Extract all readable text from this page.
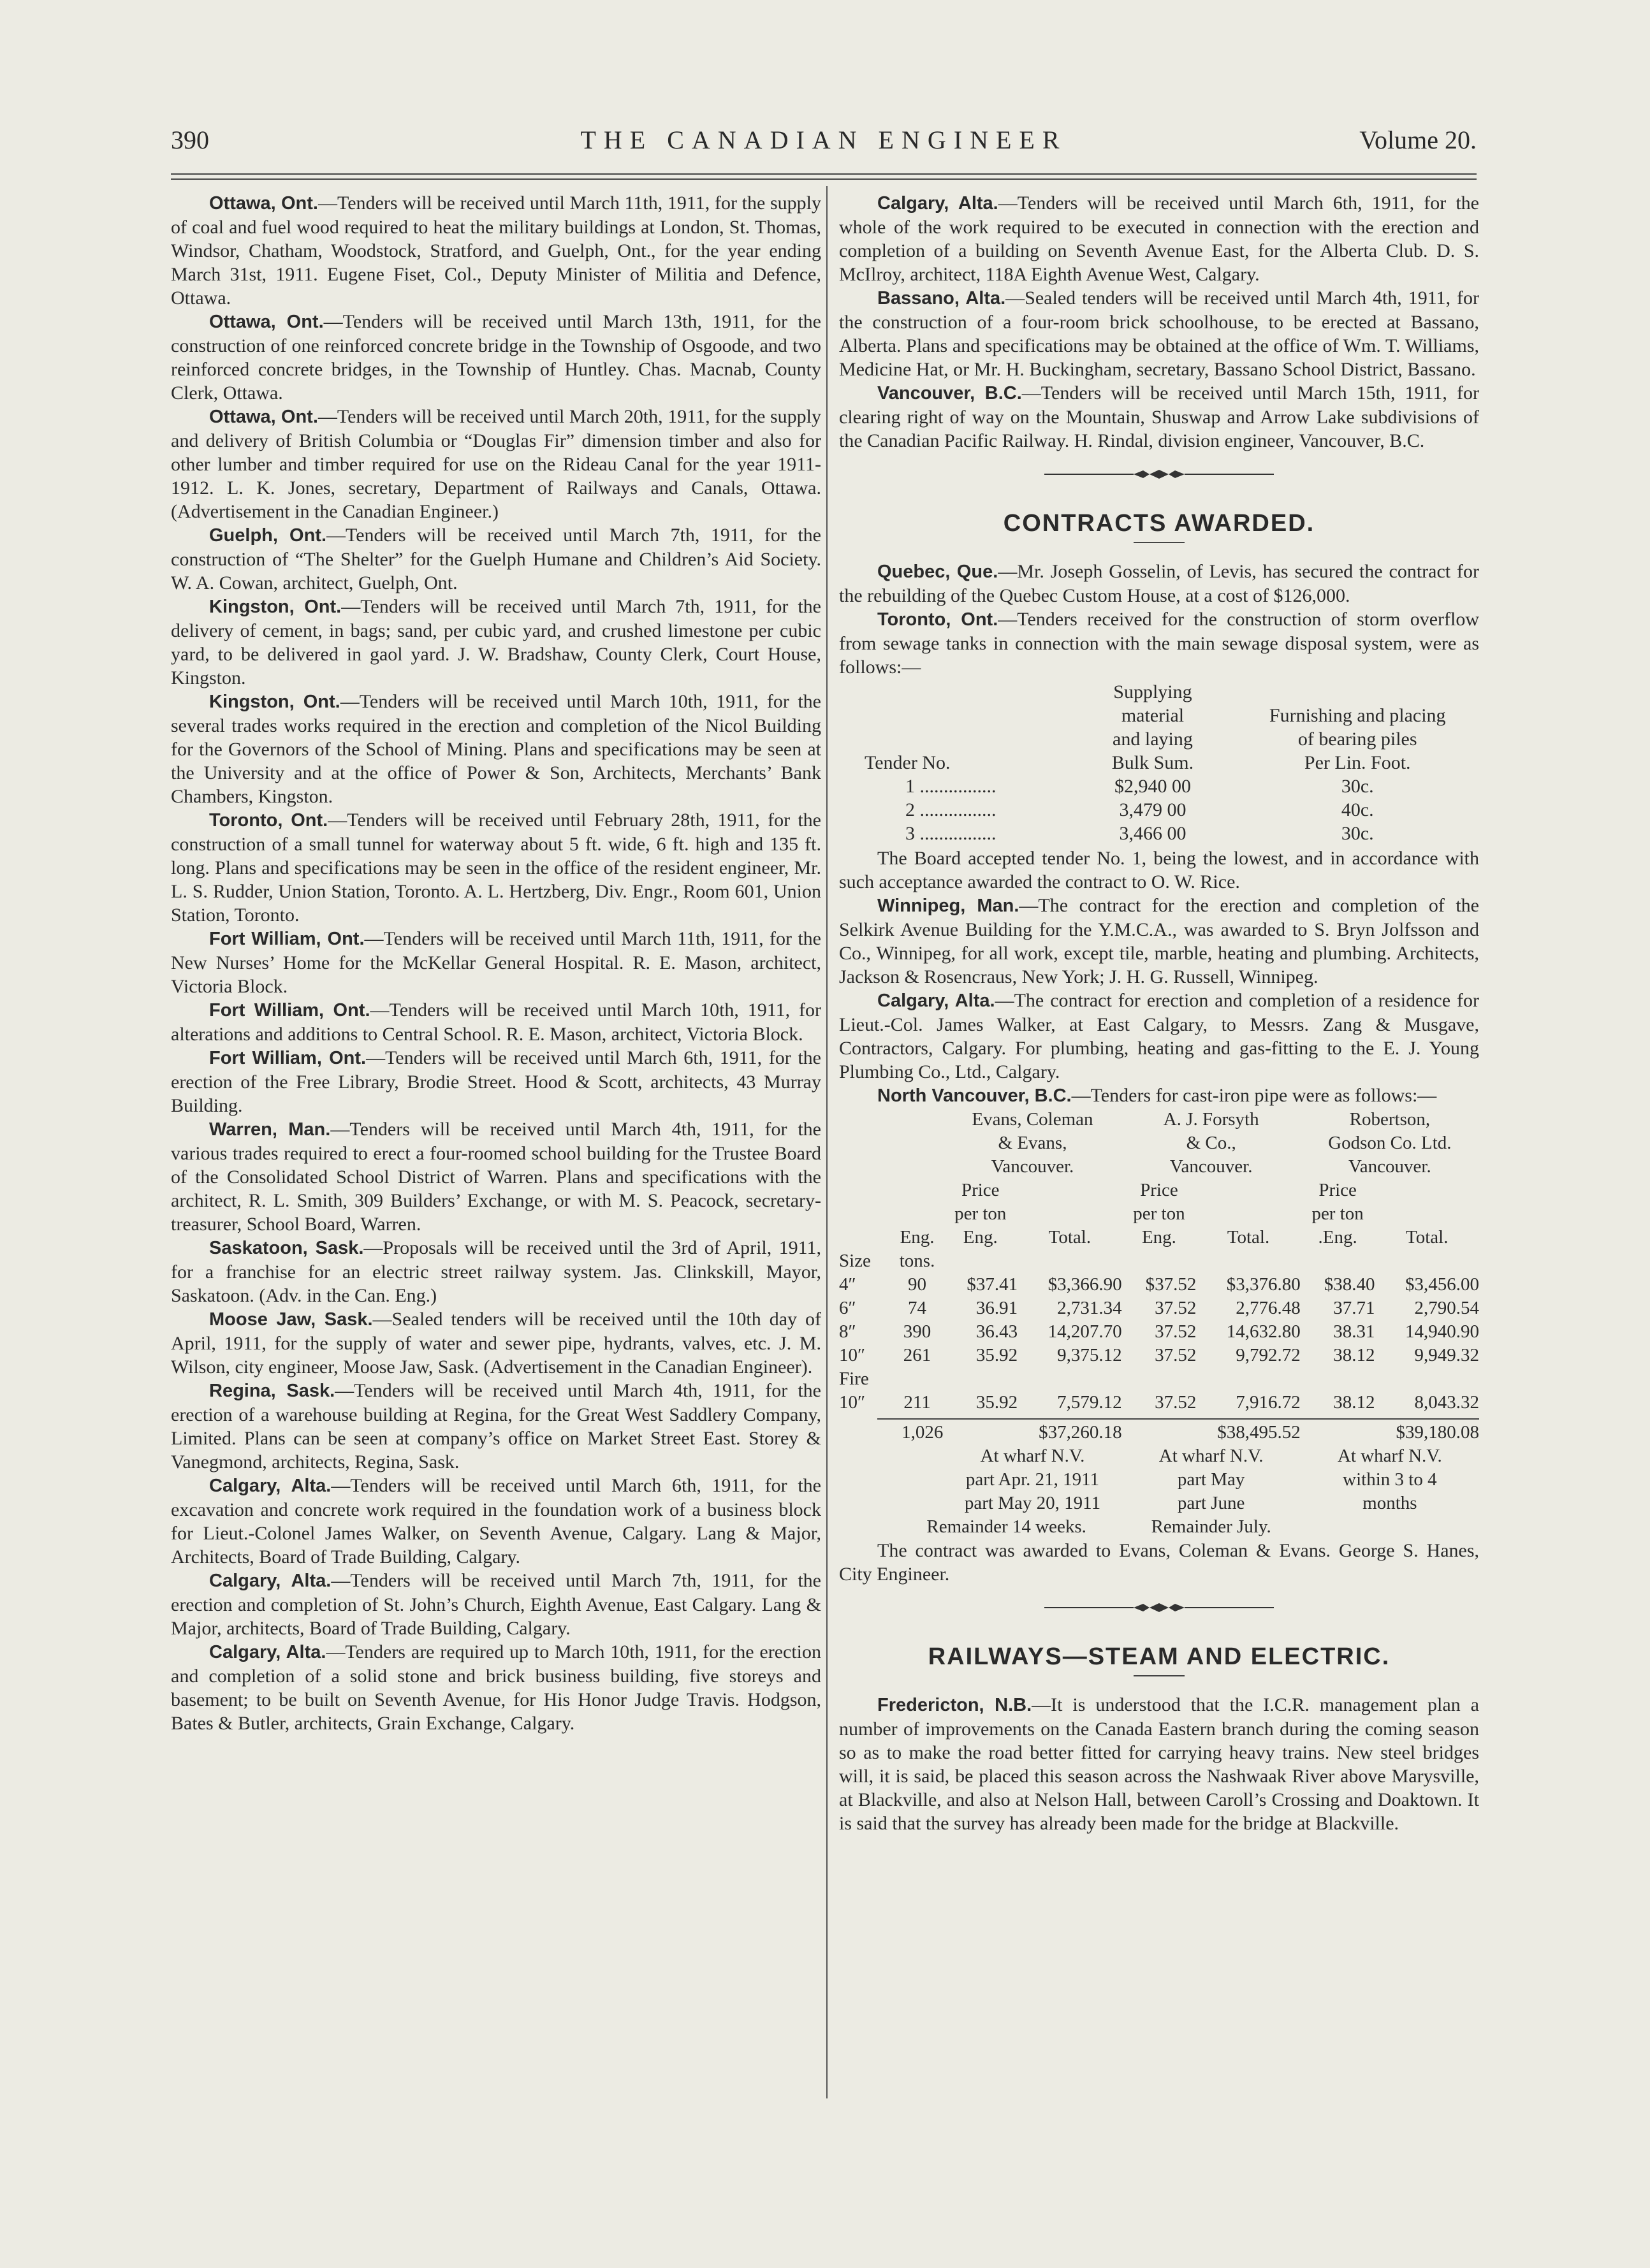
390	THE CANADIAN ENGINEER	Volume 20.

Ottawa, Ont.—Tenders will be received until March 11th, 1911, for the supply of coal and fuel wood required to heat the military buildings at London, St. Thomas, Windsor, Chatham, Woodstock, Stratford, and Guelph, Ont., for the year ending March 31st, 1911. Eugene Fiset, Col., Deputy Minister of Militia and Defence, Ottawa.

Ottawa, Ont.—Tenders will be received until March 13th, 1911, for the construction of one reinforced concrete bridge in the Township of Osgoode, and two reinforced concrete bridges, in the Township of Huntley. Chas. Macnab, County Clerk, Ottawa.

Ottawa, Ont.—Tenders will be received until March 20th, 1911, for the supply and delivery of British Columbia or “Douglas Fir” dimension timber and also for other lumber and timber required for use on the Rideau Canal for the year 1911-1912. L. K. Jones, secretary, Department of Railways and Canals, Ottawa. (Advertisement in the Canadian Engineer.)

Guelph, Ont.—Tenders will be received until March 7th, 1911, for the construction of “The Shelter” for the Guelph Humane and Children’s Aid Society. W. A. Cowan, architect, Guelph, Ont.

Kingston, Ont.—Tenders will be received until March 7th, 1911, for the delivery of cement, in bags; sand, per cubic yard, and crushed limestone per cubic yard, to be delivered in gaol yard. J. W. Bradshaw, County Clerk, Court House, Kingston.

Kingston, Ont.—Tenders will be received until March 10th, 1911, for the several trades works required in the erection and completion of the Nicol Building for the Governors of the School of Mining. Plans and specifications may be seen at the University and at the office of Power & Son, Architects, Merchants’ Bank Chambers, Kingston.

Toronto, Ont.—Tenders will be received until February 28th, 1911, for the construction of a small tunnel for waterway about 5 ft. wide, 6 ft. high and 135 ft. long. Plans and specifications may be seen in the office of the resident engineer, Mr. L. S. Rudder, Union Station, Toronto. A. L. Hertzberg, Div. Engr., Room 601, Union Station, Toronto.

Fort William, Ont.—Tenders will be received until March 11th, 1911, for the New Nurses’ Home for the McKellar General Hospital. R. E. Mason, architect, Victoria Block.

Fort William, Ont.—Tenders will be received until March 10th, 1911, for alterations and additions to Central School. R. E. Mason, architect, Victoria Block.

Fort William, Ont.—Tenders will be received until March 6th, 1911, for the erection of the Free Library, Brodie Street. Hood & Scott, architects, 43 Murray Building.

Warren, Man.—Tenders will be received until March 4th, 1911, for the various trades required to erect a four-roomed school building for the Trustee Board of the Consolidated School District of Warren. Plans and specifications with the architect, R. L. Smith, 309 Builders’ Exchange, or with M. S. Peacock, secretary-treasurer, School Board, Warren.

Saskatoon, Sask.—Proposals will be received until the 3rd of April, 1911, for a franchise for an electric street railway system. Jas. Clinkskill, Mayor, Saskatoon. (Adv. in the Can. Eng.)

Moose Jaw, Sask.—Sealed tenders will be received until the 10th day of April, 1911, for the supply of water and sewer pipe, hydrants, valves, etc. J. M. Wilson, city engineer, Moose Jaw, Sask. (Advertisement in the Canadian Engineer).

Regina, Sask.—Tenders will be received until March 4th, 1911, for the erection of a warehouse building at Regina, for the Great West Saddlery Company, Limited. Plans can be seen at company’s office on Market Street East. Storey & Vanegmond, architects, Regina, Sask.

Calgary, Alta.—Tenders will be received until March 6th, 1911, for the excavation and concrete work required in the foundation work of a business block for Lieut.-Colonel James Walker, on Seventh Avenue, Calgary. Lang & Major, Architects, Board of Trade Building, Calgary.

Calgary, Alta.—Tenders will be received until March 7th, 1911, for the erection and completion of St. John’s Church, Eighth Avenue, East Calgary. Lang & Major, architects, Board of Trade Building, Calgary.

Calgary, Alta.—Tenders are required up to March 10th, 1911, for the erection and completion of a solid stone and brick business building, five storeys and basement; to be built on Seventh Avenue, for His Honor Judge Travis. Hodgson, Bates & Butler, architects, Grain Exchange, Calgary.

Calgary, Alta.—Tenders will be received until March 6th, 1911, for the whole of the work required to be executed in connection with the erection and completion of a building on Seventh Avenue East, for the Alberta Club. D. S. McIlroy, architect, 118A Eighth Avenue West, Calgary.

Bassano, Alta.—Sealed tenders will be received until March 4th, 1911, for the construction of a four-room brick schoolhouse, to be erected at Bassano, Alberta. Plans and specifications may be obtained at the office of Wm. T. Williams, Medicine Hat, or Mr. H. Buckingham, secretary, Bassano School District, Bassano.

Vancouver, B.C.—Tenders will be received until March 15th, 1911, for clearing right of way on the Mountain, Shuswap and Arrow Lake subdivisions of the Canadian Pacific Railway. H. Rindal, division engineer, Vancouver, B.C.

CONTRACTS AWARDED.

Quebec, Que.—Mr. Joseph Gosselin, of Levis, has secured the contract for the rebuilding of the Quebec Custom House, at a cost of $126,000.

Toronto, Ont.—Tenders received for the construction of storm overflow from sewage tanks in connection with the main sewage disposal system, were as follows:—

	Supplying	
	material	Furnishing and placing
	and laying	of bearing piles
Tender No.	Bulk Sum.	Per Lin. Foot.
1 ................	$2,940 00	30c.
2 ................	3,479 00	40c.
3 ................	3,466 00	30c.

The Board accepted tender No. 1, being the lowest, and in accordance with such acceptance awarded the contract to O. W. Rice.

Winnipeg, Man.—The contract for the erection and completion of the Selkirk Avenue Building for the Y.M.C.A., was awarded to S. Bryn Jolfsson and Co., Winnipeg, for all work, except tile, marble, heating and plumbing. Architects, Jackson & Rosencraus, New York; J. H. G. Russell, Winnipeg.

Calgary, Alta.—The contract for erection and completion of a residence for Lieut.-Col. James Walker, at East Calgary, to Messrs. Zang & Musgave, Contractors, Calgary. For plumbing, heating and gas-fitting to the E. J. Young Plumbing Co., Ltd., Calgary.

North Vancouver, B.C.—Tenders for cast-iron pipe were as follows:—

		Evans, Coleman		A. J. Forsyth		Robertson,	
		& Evans,		& Co.,		Godson Co. Ltd.	
		Vancouver.		Vancouver.		Vancouver.	
		Price		Price		Price	
		per ton		per ton		per ton	
	Eng.	Eng.	Total.	Eng.	Total.	.Eng.	Total.
Size	tons.						
4″	90	$37.41	$3,366.90	$37.52	$3,376.80	$38.40	$3,456.00
6″	74	36.91	2,731.34	37.52	2,776.48	37.71	2,790.54
8″	390	36.43	14,207.70	37.52	14,632.80	38.31	14,940.90
10″	261	35.92	9,375.12	37.52	9,792.72	38.12	9,949.32
Fire							
10″	211	35.92	7,579.12	37.52	7,916.72	38.12	8,043.32

1,026			$37,260.18		$38,495.52		$39,180.08
		At wharf N.V.		At wharf N.V.		At wharf N.V.	
		part Apr. 21, 1911		part May		within 3 to 4	
		part May 20, 1911		part June		months	
	Remainder 14 weeks.			Remainder July.			

The contract was awarded to Evans, Coleman & Evans. George S. Hanes, City Engineer.

RAILWAYS—STEAM AND ELECTRIC.

Fredericton, N.B.—It is understood that the I.C.R. management plan a number of improvements on the Canada Eastern branch during the coming season so as to make the road better fitted for carrying heavy trains. New steel bridges will, it is said, be placed this season across the Nashwaak River above Marysville, at Blackville, and also at Nelson Hall, between Caroll’s Crossing and Doaktown. It is said that the survey has already been made for the bridge at Blackville.
